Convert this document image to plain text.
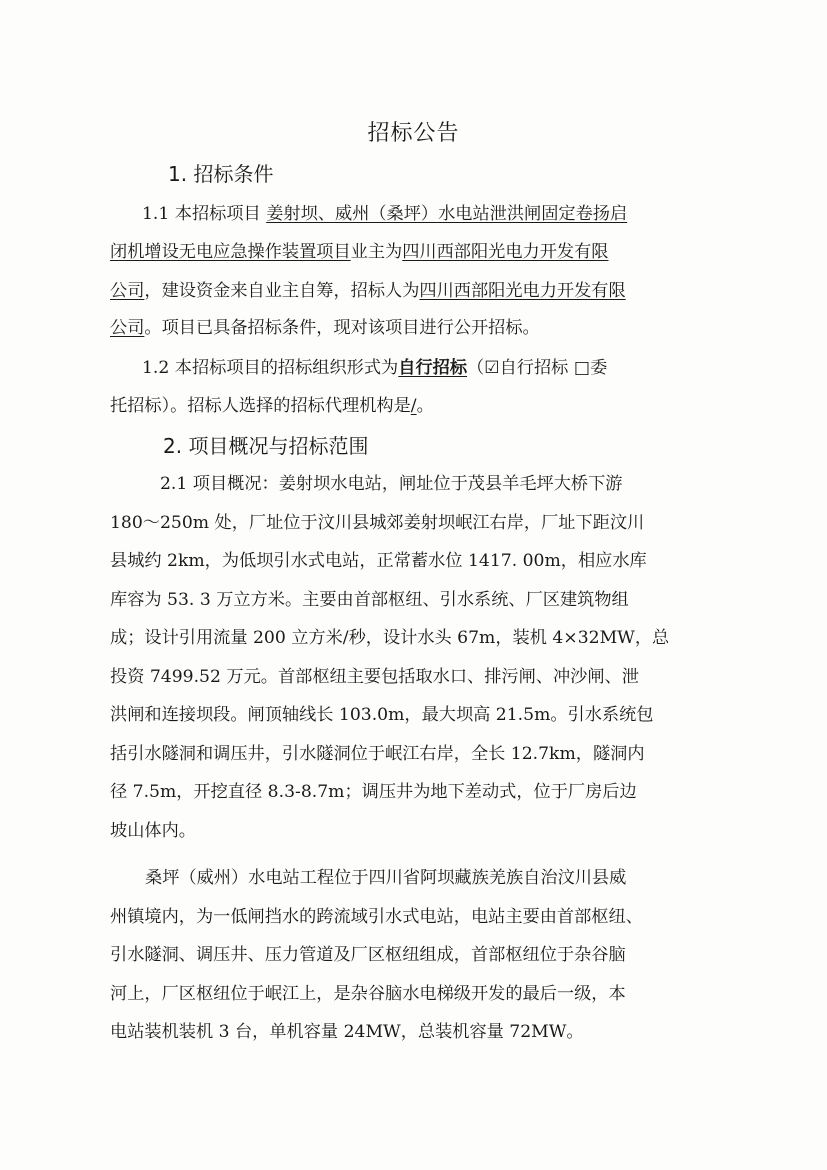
招标公告
1. 招标条件
1.1 本招标项目 姜射坝、威州（桑坪）水电站泄洪闸固定卷扬启
闭机增设无电应急操作装置项目业主为四川西部阳光电力开发有限
公司，建设资金来自业主自筹，招标人为四川西部阳光电力开发有限
公司。项目已具备招标条件，现对该项目进行公开招标。
1.2 本招标项目的招标组织形式为自行招标（☑自行招标 □委
托招标）。招标人选择的招标代理机构是/。
2. 项目概况与招标范围
2.1 项目概况：姜射坝水电站，闸址位于茂县羊毛坪大桥下游
180～250m 处，厂址位于汶川县城郊姜射坝岷江右岸，厂址下距汶川
县城约 2km，为低坝引水式电站，正常蓄水位 1417. 00m，相应水库
库容为 53. 3 万立方米。主要由首部枢纽、引水系统、厂区建筑物组
成；设计引用流量 200 立方米/秒，设计水头 67m，装机 4×32MW，总
投资 7499.52 万元。首部枢纽主要包括取水口、排污闸、冲沙闸、泄
洪闸和连接坝段。闸顶轴线长 103.0m，最大坝高 21.5m。引水系统包
括引水隧洞和调压井，引水隧洞位于岷江右岸，全长 12.7km，隧洞内
径 7.5m，开挖直径 8.3-8.7m；调压井为地下差动式，位于厂房后边
坡山体内。
桑坪（威州）水电站工程位于四川省阿坝藏族羌族自治汶川县威
州镇境内，为一低闸挡水的跨流域引水式电站，电站主要由首部枢纽、
引水隧洞、调压井、压力管道及厂区枢纽组成，首部枢纽位于杂谷脑
河上，厂区枢纽位于岷江上，是杂谷脑水电梯级开发的最后一级，本
电站装机装机 3 台，单机容量 24MW，总装机容量 72MW。
